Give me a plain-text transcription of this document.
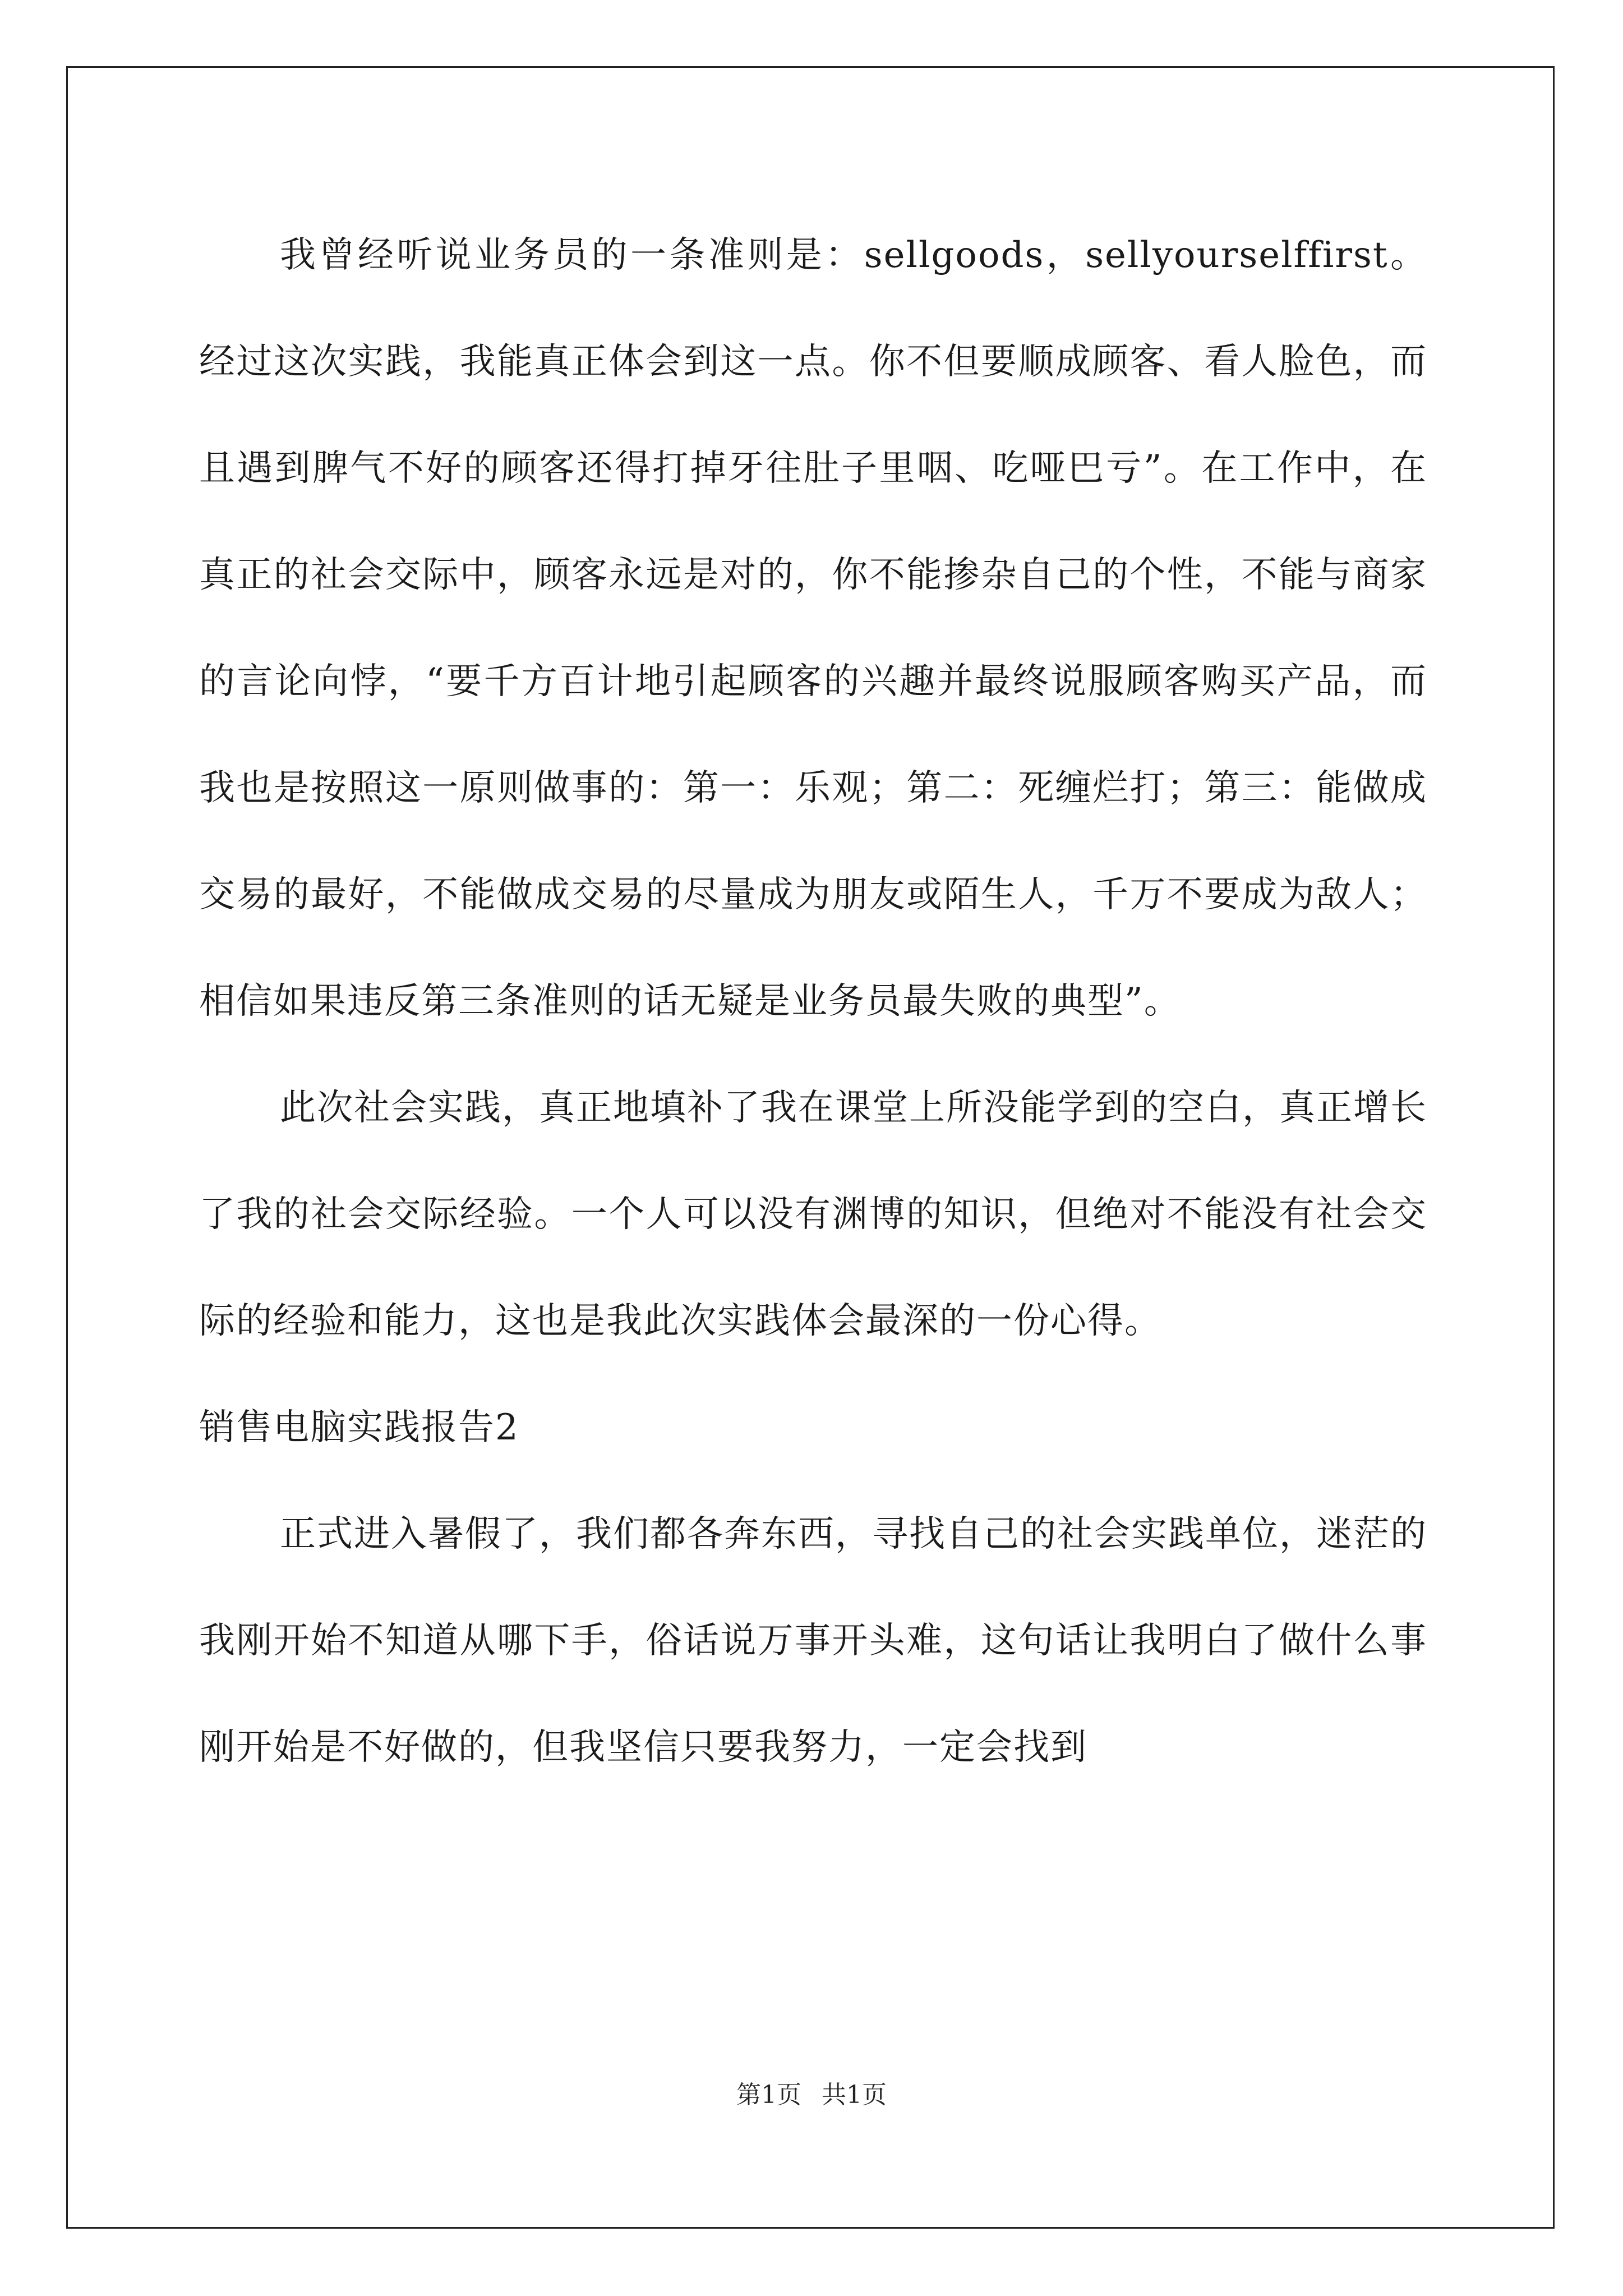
我曾经听说业务员的一条准则是：sellgoods，sellyourselffirst。经过这次实践，我能真正体会到这一点。你不但要顺成顾客、看人脸色，而且遇到脾气不好的顾客还得打掉牙往肚子里咽、吃哑巴亏”。在工作中，在真正的社会交际中，顾客永远是对的，你不能掺杂自己的个性，不能与商家的言论向悖，“要千方百计地引起顾客的兴趣并最终说服顾客购买产品，而我也是按照这一原则做事的：第一：乐观；第二：死缠烂打；第三：能做成交易的最好，不能做成交易的尽量成为朋友或陌生人，千万不要成为敌人；相信如果违反第三条准则的话无疑是业务员最失败的典型”。

此次社会实践，真正地填补了我在课堂上所没能学到的空白，真正增长了我的社会交际经验。一个人可以没有渊博的知识，但绝对不能没有社会交际的经验和能力，这也是我此次实践体会最深的一份心得。

销售电脑实践报告2

正式进入暑假了，我们都各奔东西，寻找自己的社会实践单位，迷茫的我刚开始不知道从哪下手，俗话说万事开头难，这句话让我明白了做什么事刚开始是不好做的，但我坚信只要我努力，一定会找到

第1页 共1页
